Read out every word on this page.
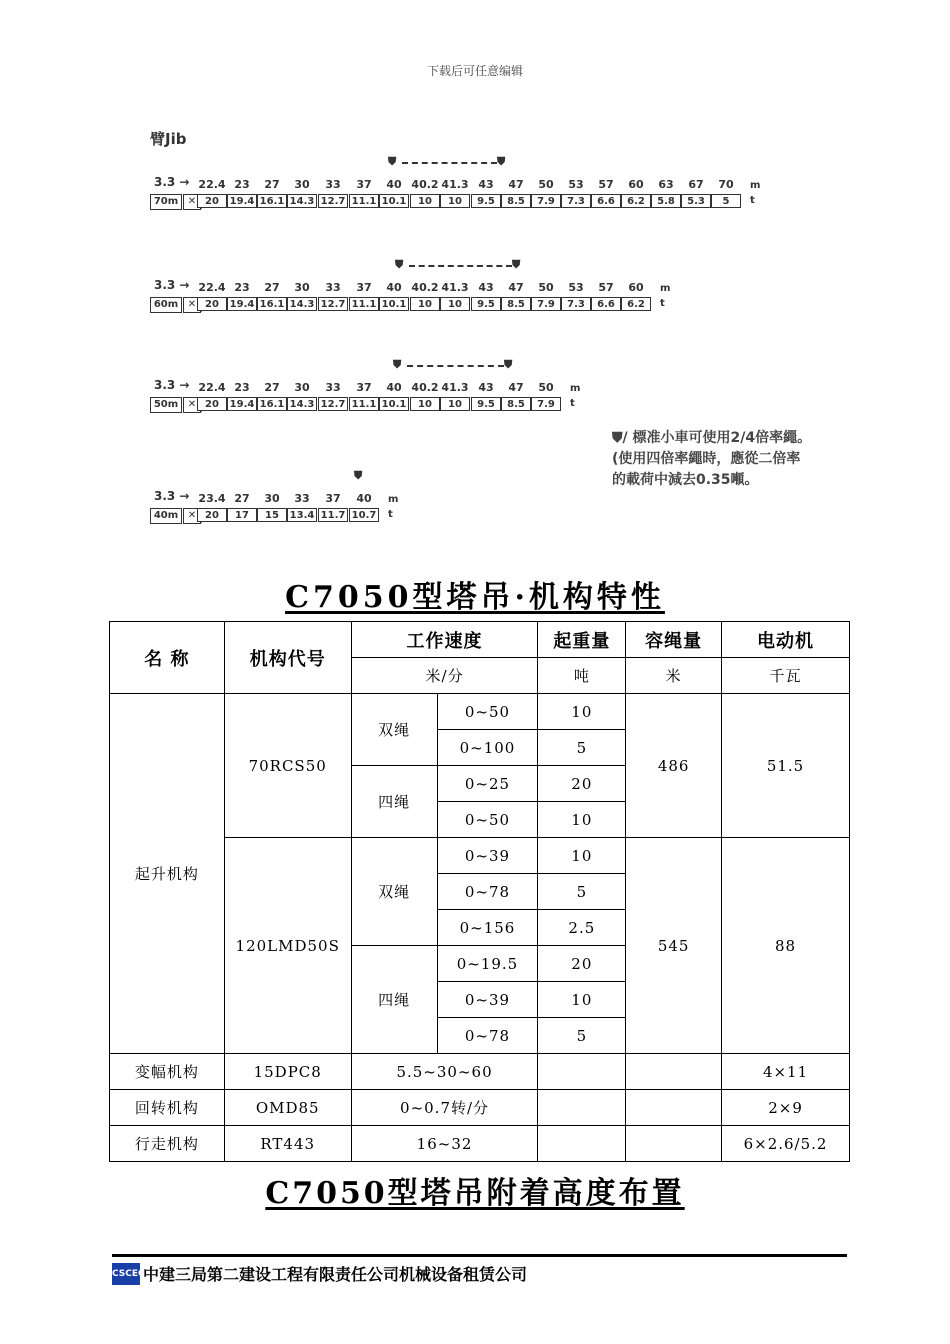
下载后可任意编辑
臂Jib
3.3 →
70m ✕
22.4 23	27	30	33	37	40 40.2 41.3 43	47	50	53	57	60	63	67	70	m
20	19.4 16.1 14.3 12.7 11.1 10.1	10	10	9.5	8.5	7.9	7.3	6.6	6.2	5.8	5.3	5	t
⛊	⛊
3.3 →
60m ✕
22.4 23	27	30	33	37	40 40.2 41.3 43	47	50	53	57	60	m
20	19.4 16.1 14.3 12.7 11.1 10.1	10	10	9.5	8.5	7.9	7.3	6.6	6.2	t
⛊	⛊
3.3 →
50m ✕
22.4 23	27	30	33	37	40 40.2 41.3 43	47	50	m
20	19.4 16.1 14.3 12.7 11.1 10.1	10	10	9.5	8.5	7.9	t
⛊	⛊
3.3 →
40m ✕
23.4 27	30	33	37	40	m
20	17	15	13.4 11.7 10.7 t
⛊
⛊/ 標准小車可使用2/4倍率繩。
(使用四倍率繩時，應從二倍率的載荷中減去0.35噸。
C7050型塔吊·机构特性
名 称	机构代号	工作速度		起重量	容绳量	电动机
		米/分		吨	米	千瓦
起升机构	70RCS50	双绳	0~50	10	486	51.5
			0~100	5		
		四绳	0~25	20		
			0~50	10		
	120LMD50S	双绳	0~39	10	545	88
			0~78	5		
			0~156	2.5		
		四绳	0~19.5	20		
			0~39	10		
			0~78	5		
变幅机构	15DPC8	5.5~30~60				4×11
回转机构	OMD85	0~0.7转/分				2×9
行走机构	RT443	16~32				6×2.6/5.2
C7050型塔吊附着高度布置
CSCEC
中建三局第二建设工程有限责任公司机械设备租赁公司
